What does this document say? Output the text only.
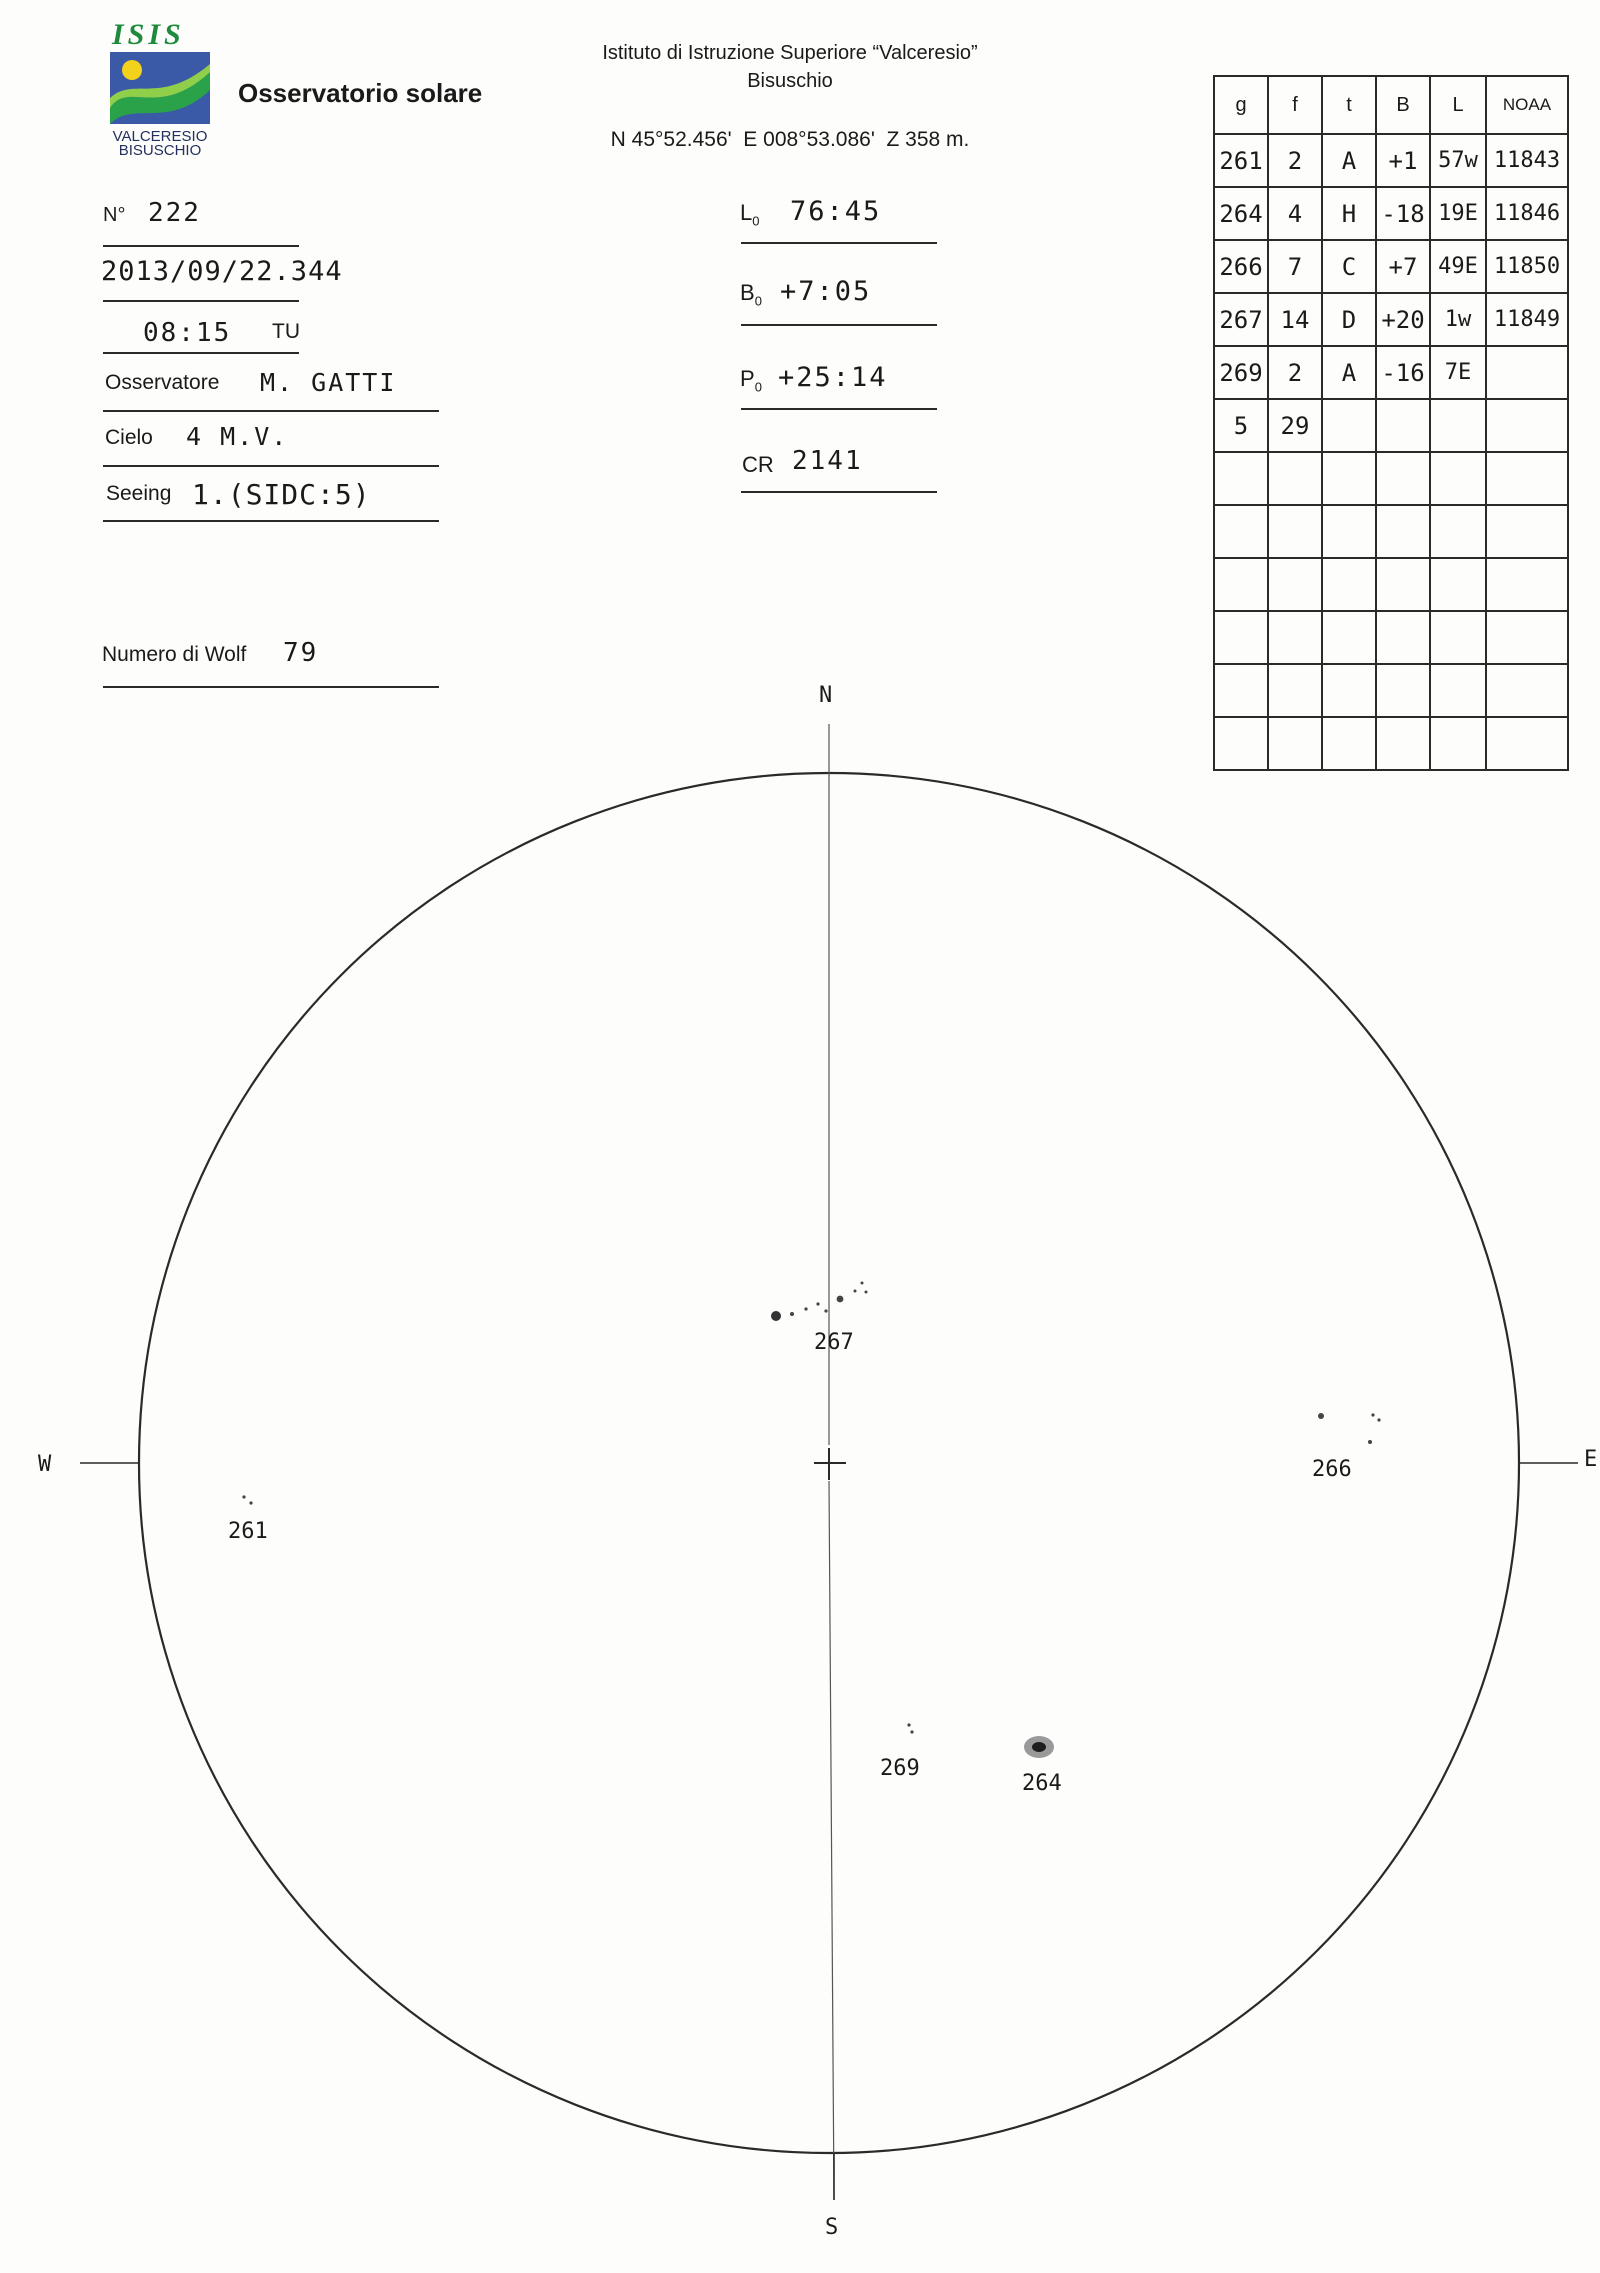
ISIS
VALCERESIO
BISUSCHIO
Osservatorio solare
Istituto di Istruzione Superiore “Valceresio”
Bisuschio
N 45°52.456'  E 008°53.086'  Z 358 m.
N° 222
2013/09/22.344
08:15 TU
Osservatore M. GATTI
Cielo 4 M.V.
Seeing 1.(SIDC:5)
Numero di Wolf 79
$L_0$ 76:45
$B_0$ +7:05
$P_0$ +25:14
CR 2141
g	f	t	B	L	NOAA
261	2	A	+1	57w	11843
264	4	H	-18	19E	11846
266	7	C	+7	49E	11850
267	14	D	+20	1w	11849
269	2	A	-16	7E	
5	29				

N
S
W	E
267
266
261
269
264
